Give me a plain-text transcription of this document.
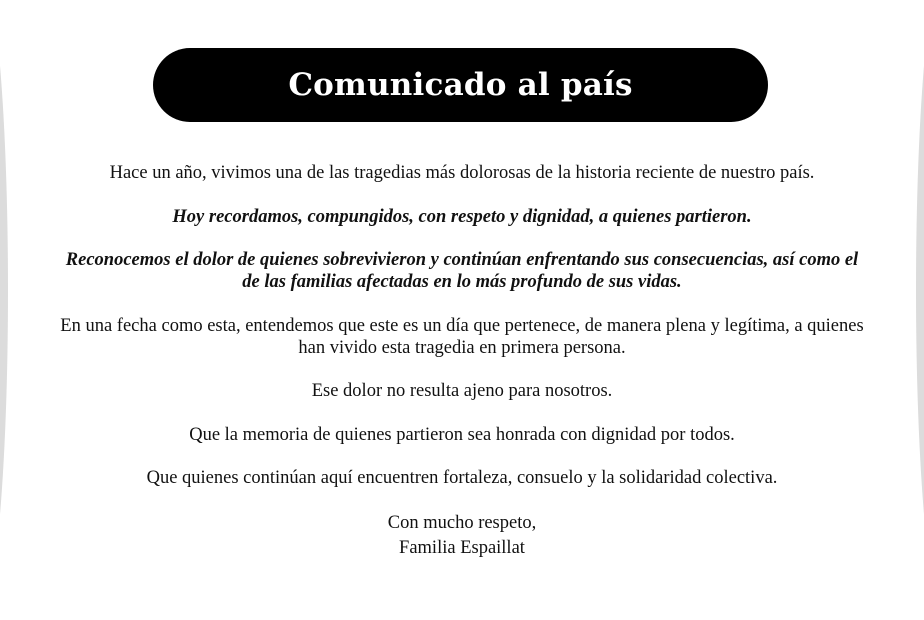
Comunicado al país

Hace un año, vivimos una de las tragedias más dolorosas de la historia reciente de nuestro país.

Hoy recordamos, compungidos, con respeto y dignidad, a quienes partieron.

Reconocemos el dolor de quienes sobrevivieron y continúan enfrentando sus consecuencias, así como el de las familias afectadas en lo más profundo de sus vidas.

En una fecha como esta, entendemos que este es un día que pertenece, de manera plena y legítima, a quienes han vivido esta tragedia en primera persona.

Ese dolor no resulta ajeno para nosotros.

Que la memoria de quienes partieron sea honrada con dignidad por todos.

Que quienes continúan aquí encuentren fortaleza, consuelo y la solidaridad colectiva.

Con mucho respeto,
Familia Espaillat
